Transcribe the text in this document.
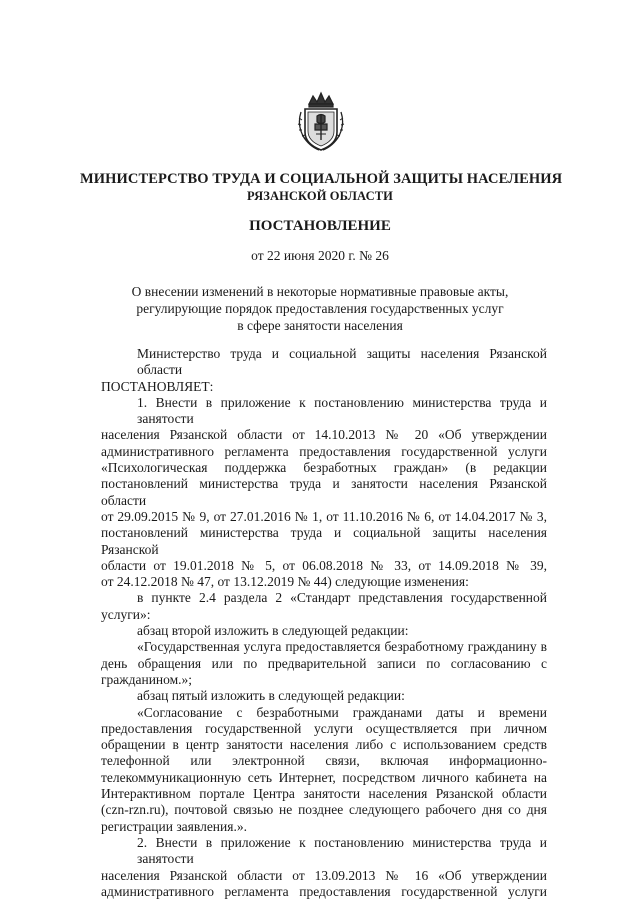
МИНИСТЕРСТВО ТРУДА И СОЦИАЛЬНОЙ ЗАЩИТЫ НАСЕЛЕНИЯ
РЯЗАНСКОЙ ОБЛАСТИ
ПОСТАНОВЛЕНИЕ
от 22 июня 2020 г. № 26
О внесении изменений в некоторые нормативные правовые акты,
регулирующие порядок предоставления государственных услуг
в сфере занятости населения
Министерство труда и социальной защиты населения Рязанской области
ПОСТАНОВЛЯЕТ:
1. Внести в приложение к постановлению министерства труда и занятости
населения Рязанской области от 14.10.2013 № 20 «Об утверждении
административного регламента предоставления государственной услуги
«Психологическая поддержка безработных граждан» (в редакции
постановлений министерства труда и занятости населения Рязанской области
от 29.09.2015 № 9, от 27.01.2016 № 1, от 11.10.2016 № 6, от 14.04.2017 № 3,
постановлений министерства труда и социальной защиты населения Рязанской
области от 19.01.2018 № 5, от 06.08.2018 № 33, от 14.09.2018 № 39,
от 24.12.2018 № 47, от 13.12.2019 № 44) следующие изменения:
в пункте 2.4 раздела 2 «Стандарт представления государственной
услуги»:
абзац второй изложить в следующей редакции:
«Государственная услуга предоставляется безработному гражданину в
день обращения или по предварительной записи по согласованию с
гражданином.»;
абзац пятый изложить в следующей редакции:
«Согласование с безработными гражданами даты и времени
предоставления государственной услуги осуществляется при личном
обращении в центр занятости населения либо с использованием средств
телефонной или электронной связи, включая информационно-
телекоммуникационную сеть Интернет, посредством личного кабинета на
Интерактивном портале Центра занятости населения Рязанской области
(czn-rzn.ru), почтовой связью не позднее следующего рабочего дня со дня
регистрации заявления.».
2. Внести в приложение к постановлению министерства труда и занятости
населения Рязанской области от 13.09.2013 № 16 «Об утверждении
административного регламента предоставления государственной услуги
